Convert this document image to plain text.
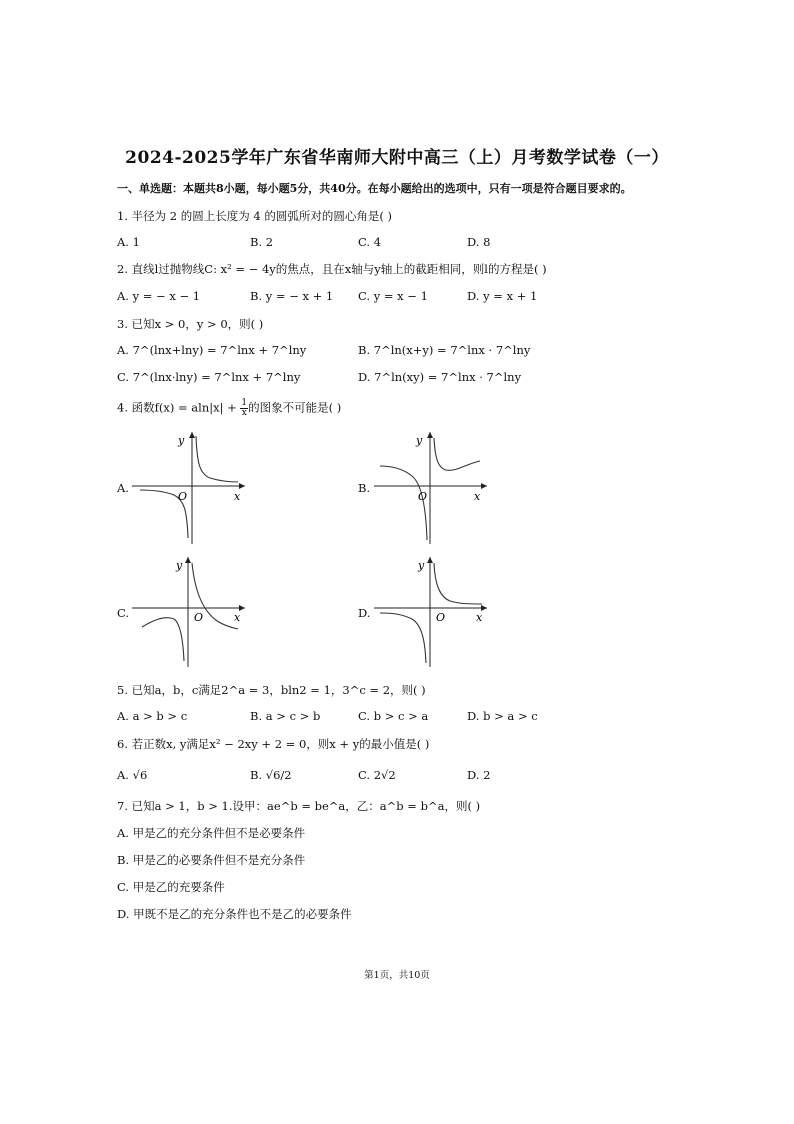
2024-2025学年广东省华南师大附中高三（上）月考数学试卷（一）
一、单选题：本题共8小题，每小题5分，共40分。在每小题给出的选项中，只有一项是符合题目要求的。
1. 半径为 2 的圆上长度为 4 的圆弧所对的圆心角是( )
A. 1	B. 2	C. 4	D. 8
2. 直线l过抛物线C: x² = − 4y的焦点，且在x轴与y轴上的截距相同，则l的方程是( )
A. y = − x − 1	B. y = − x + 1 C. y = x − 1	D. y = x + 1
3. 已知x > 0，y > 0，则( )
A. 7^(lnx+lny) = 7^lnx + 7^lny	B. 7^ln(x+y) = 7^lnx · 7^lny
C. 7^(lnx·lny) = 7^lnx + 7^lny	D. 7^ln(xy) = 7^lnx · 7^lny
4. 函数$f(x) = aln|x| + \frac{1}{x}$ 的图象不可能是( )
A.	B.
C.	D.
O	x
y
O	x
y
O	x
y
O	x
y
5. 已知a，b，c满足2^a = 3，bln2 = 1，3^c = 2，则( )
A. a > b > c	B. a > c > b	C. b > c > a	D. b > a > c
6. 若正数x, y满足x² − 2xy + 2 = 0，则x + y的最小值是( )
A. √6	B. √6/2	C. 2√2	D. 2
7. 已知a > 1，b > 1.设甲：ae^b = be^a，乙：a^b = b^a，则( )
A. 甲是乙的充分条件但不是必要条件
B. 甲是乙的必要条件但不是充分条件
C. 甲是乙的充要条件
D. 甲既不是乙的充分条件也不是乙的必要条件
第1页，共10页
